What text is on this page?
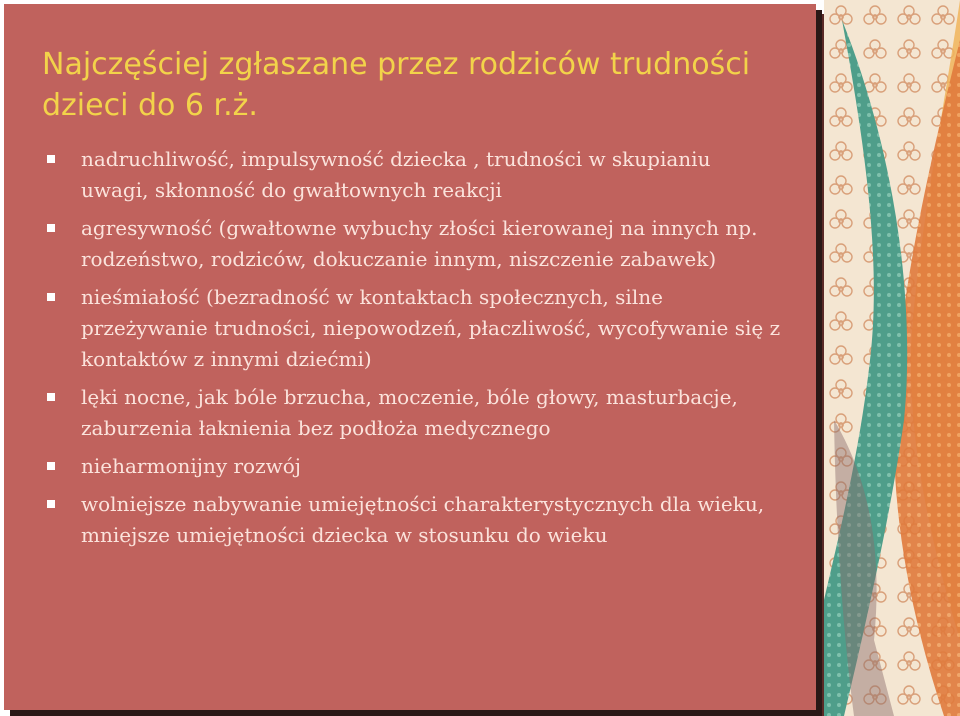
Najczęściej zgłaszane przez rodziców trudności dzieci do 6 r.ż.
nadruchliwość, impulsywność dziecka , trudności w skupianiu uwagi, skłonność do gwałtownych reakcji
agresywność (gwałtowne wybuchy złości kierowanej na innych np. rodzeństwo, rodziców, dokuczanie innym, niszczenie zabawek)
nieśmiałość (bezradność w kontaktach społecznych, silne przeżywanie trudności, niepowodzeń, płaczliwość, wycofywanie się z kontaktów z innymi dziećmi)
lęki nocne, jak bóle brzucha, moczenie, bóle głowy, masturbacje, zaburzenia łaknienia bez podłoża medycznego
nieharmonijny rozwój
wolniejsze nabywanie umiejętności charakterystycznych dla wieku, mniejsze umiejętności dziecka w stosunku do wieku
